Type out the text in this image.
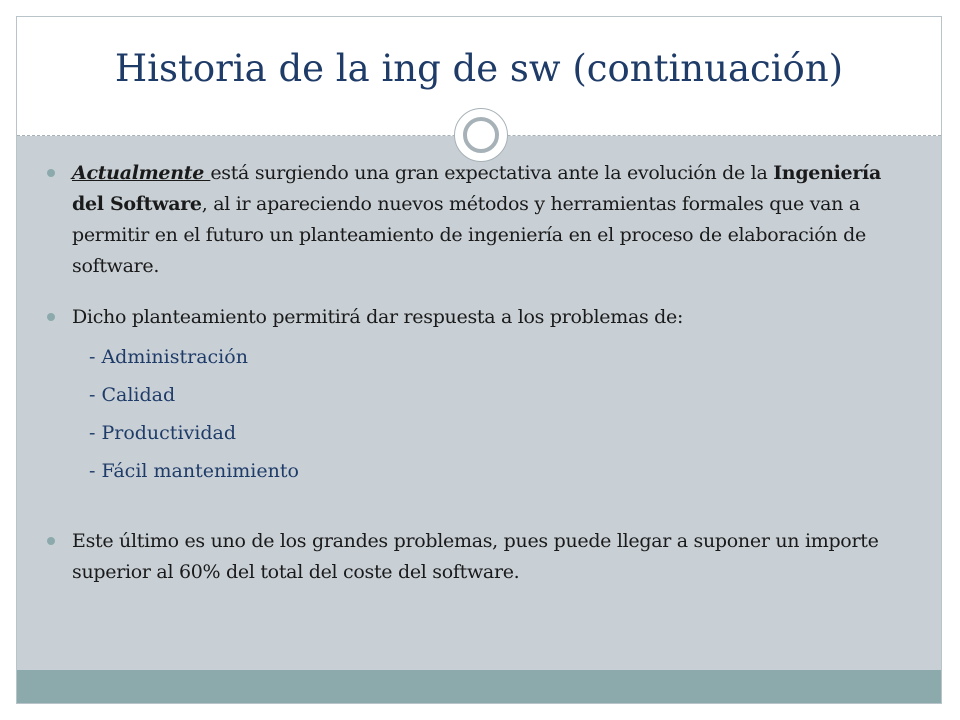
Historia de la ing de sw (continuación)
Actualmente está surgiendo una gran expectativa ante la evolución de la Ingeniería del Software, al ir apareciendo nuevos métodos y herramientas formales que van a permitir en el futuro un planteamiento de ingeniería en el proceso de elaboración de software.
Dicho planteamiento permitirá dar respuesta a los problemas de:
- Administración
- Calidad
- Productividad
- Fácil mantenimiento
Este último es uno de los grandes problemas, pues puede llegar a suponer un importe superior al 60% del total del coste del software.
